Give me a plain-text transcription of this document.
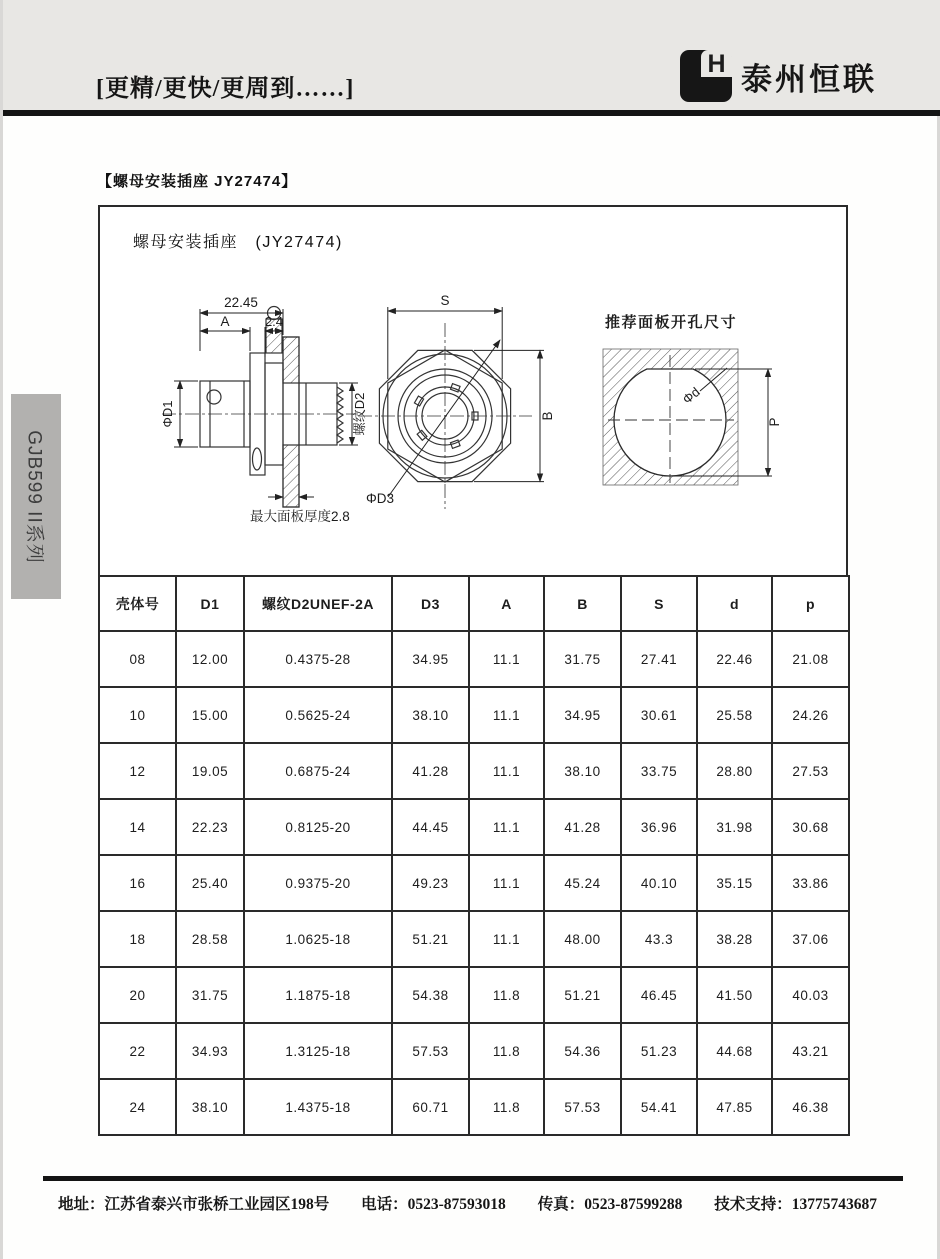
[更精/更快/更周到……]
H 泰州恒联
【螺母安装插座 JY27474】
GJB599 II系列
螺母安装插座　(JY27474)
22.45
A	2.4
ΦD1	螺纹D2
最大面板厚度2.8
S
B
ΦD3
推荐面板开孔尺寸
Φd
P
壳体号	D1	螺纹D2UNEF-2A	D3	A	B	S	d	p
08	12.00	0.4375-28	34.95	11.1	31.75	27.41	22.46	21.08
10	15.00	0.5625-24	38.10	11.1	34.95	30.61	25.58	24.26
12	19.05	0.6875-24	41.28	11.1	38.10	33.75	28.80	27.53
14	22.23	0.8125-20	44.45	11.1	41.28	36.96	31.98	30.68
16	25.40	0.9375-20	49.23	11.1	45.24	40.10	35.15	33.86
18	28.58	1.0625-18	51.21	11.1	48.00	43.3	38.28	37.06
20	31.75	1.1875-18	54.38	11.8	51.21	46.45	41.50	40.03
22	34.93	1.3125-18	57.53	11.8	54.36	51.23	44.68	43.21
24	38.10	1.4375-18	60.71	11.8	57.53	54.41	47.85	46.38
地址：江苏省泰兴市张桥工业园区198号 电话：0523-87593018 传真：0523-87599288 技术支持：13775743687
